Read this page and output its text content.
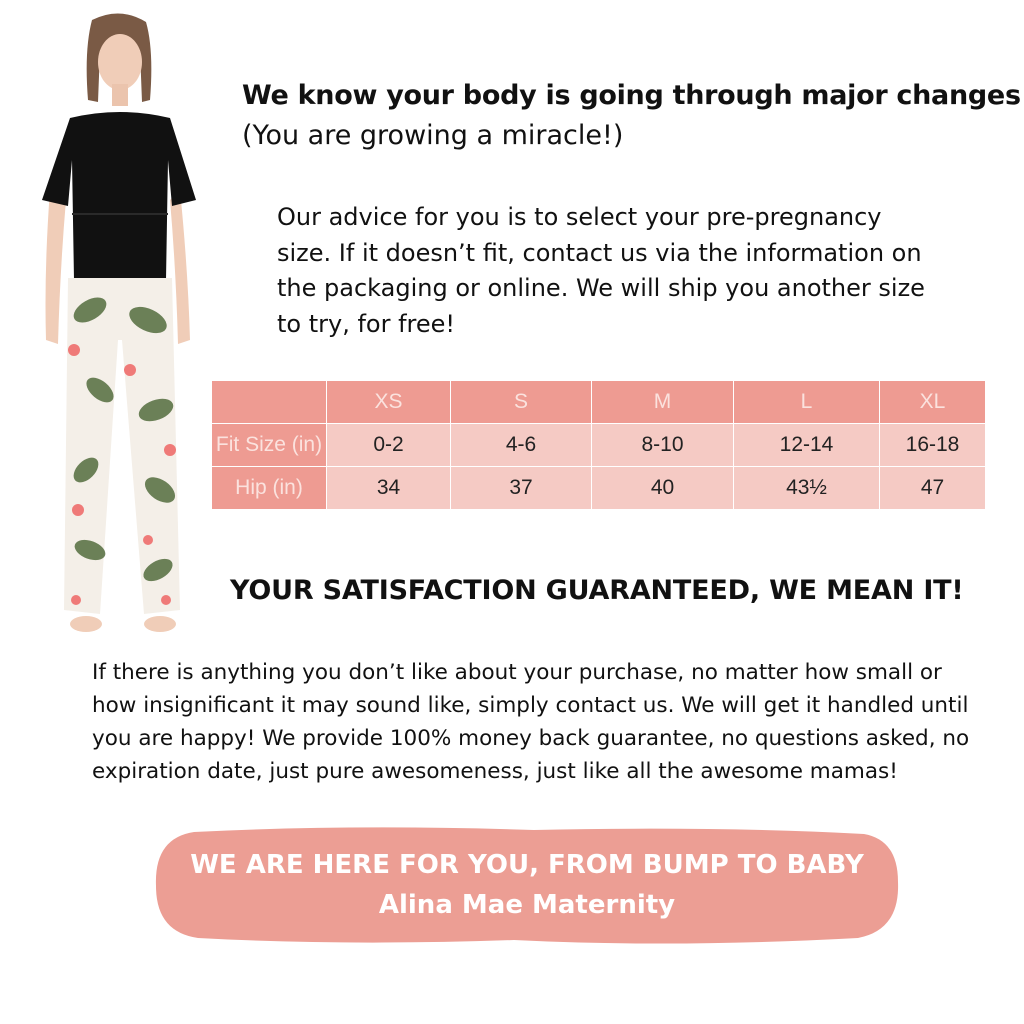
We know your body is going through major changes
(You are growing a miracle!)
Our advice for you is to select your pre-pregnancy size. If it doesn’t fit, contact us via the information on the packaging or online. We will ship you another size to try, for free!
	XS	S	M	L	XL
Fit Size (in)	0-2	4-6	8-10	12-14	16-18
Hip (in)	34	37	40	43½	47
YOUR SATISFACTION GUARANTEED, WE MEAN IT!
If there is anything you don’t like about your purchase, no matter how small or how insignificant it may sound like, simply contact us. We will get it handled until you are happy! We provide 100% money back guarantee, no questions asked, no expiration date, just pure awesomeness, just like all the awesome mamas!
WE ARE HERE FOR YOU, FROM BUMP TO BABY
Alina Mae Maternity
